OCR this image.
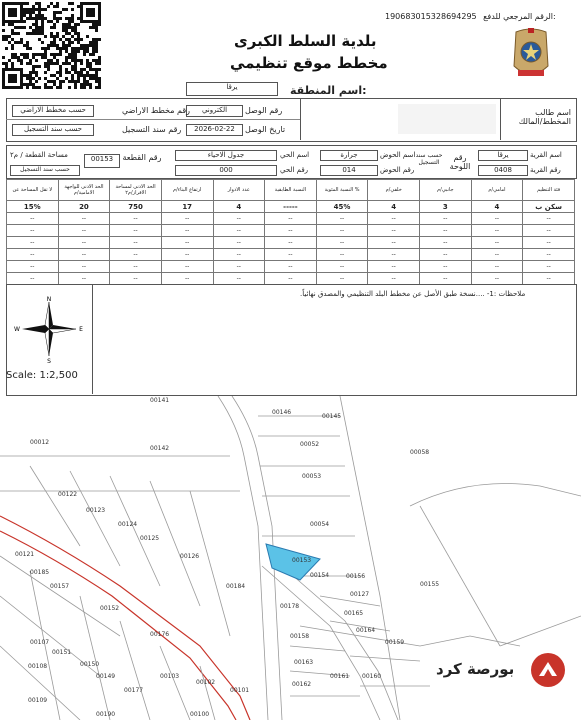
19068301532869429​5 الرقم المرجعي للدفع:
بلدية السلط الكبرى
مخطط موقع تنظيمي
اسم المنطقة:
يرقا
اسم طالب المخطط/المالك
رقم الوصل
الكتروني
تاريخ الوصل
2026-02-22
رقم مخطط الاراضي
حسب مخطط الاراضي
رقم سند التسجيل
حسب سند التسجيل
اسم القرية
يرقا
رقم القرية
0408
رقم اللوحة
حسب سند التسجيل
اسم الحوض
جرارة
رقم الحوض
014
اسم الحي
جدول الاحياء
رقم الحي
000
رقم القطعة
00153
مساحة القطعة / م٢
حسب سند التسجيل
لا تقل المساحة عن	الحد الادنى للواجهة الامامية/م	الحد الادنى لمساحة الافراز/م٢	ارتفاع البناء/م	عدد الادوار	النسبة الطابقية	النسبة المئوية %	خلفي/م	جانبي/م	امامي/م	فئة التنظيم
15%	20	750	17	4	-----	45%	4	3	4	سكن ب
--	--	--	--	--	--	--	--	--	--	--
--	--	--	--	--	--	--	--	--	--	--
--	--	--	--	--	--	--	--	--	--	--
--	--	--	--	--	--	--	--	--	--	--
--	--	--	--	--	--	--	--	--	--	--
--	--	--	--	--	--	--	--	--	--	--
ملاحظات :1- ....نسخة طبق الأصل عن مخطط البلد التنظيمي والمصدق نهائياً.
N
S
E
W
Scale: 1:2,500
00141
00146
00145
00012
00142
00052
00058
00053
00122
00123
00124
00125
00054
00121	00126
00153
00154	00156
00185
00184
00127
00155
00178
00165
00157
00152
00176	00158
00164
00107
00151
00159
00150	00163
00108
00149	00103
00102	00162
00161 00160
00177	00101
00109
00190	00100
بورصة كرد
